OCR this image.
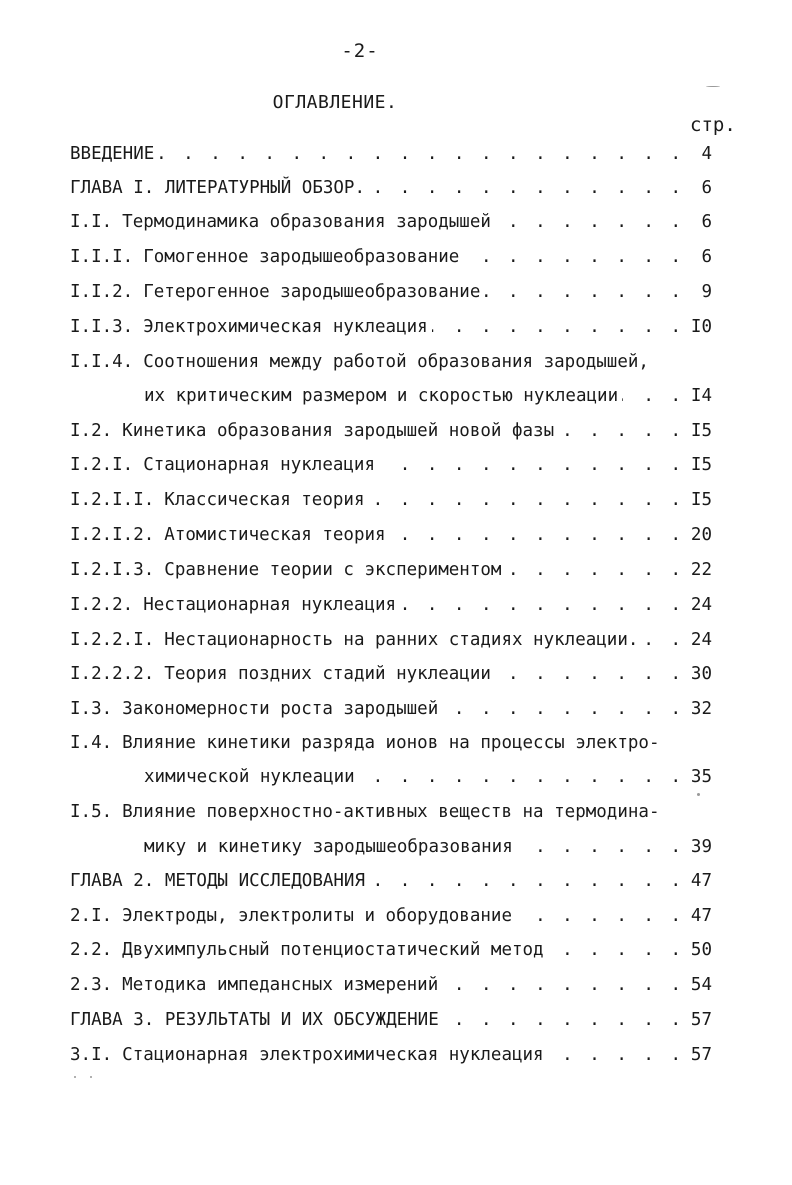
-2-
ОГЛАВЛЕНИЕ.
стр.
ВВЕДЕНИЕ . . .	4
ГЛАВА I. ЛИТЕРАТУРНЫЙ ОБЗОР. . . .	6
I.I. Термодинамика образования зародышей . . .	6
I.I.I. Гомогенное зародышеобразование . . .	6
I.I.2. Гетерогенное зародышеобразование . . .	9
I.I.3. Электрохимическая нуклеация . . .	I0
I.I.4. Соотношения между работой образования зародышей,
их критическим размером и скоростью нуклеации . . .	I4
I.2. Кинетика образования зародышей новой фазы . . .	I5
I.2.I. Стационарная нуклеация . . .	I5
I.2.I.I. Классическая теория . . .	I5
I.2.I.2. Атомистическая теория . . .	20
I.2.I.3. Сравнение теории с экспериментом . . .	22
I.2.2. Нестационарная нуклеация . . .	24
I.2.2.I. Нестационарность на ранних стадиях нуклеации. . . .	24
I.2.2.2. Теория поздних стадий нуклеации . . .	30
I.3. Закономерности роста зародышей . . .	32
I.4. Влияние кинетики разряда ионов на процессы электро-
химической нуклеации . . .	35
I.5. Влияние поверхностно-активных веществ на термодина-
мику и кинетику зародышеобразования . . .	39
ГЛАВА 2. МЕТОДЫ ИССЛЕДОВАНИЯ . . .	47
2.I. Электроды, электролиты и оборудование . . .	47
2.2. Двухимпульсный потенциостатический метод . . .	50
2.3. Методика импедансных измерений . . .	54
ГЛАВА 3. РЕЗУЛЬТАТЫ И ИХ ОБСУЖДЕНИЕ . . .	57
3.I. Стационарная электрохимическая нуклеация . . .	57
